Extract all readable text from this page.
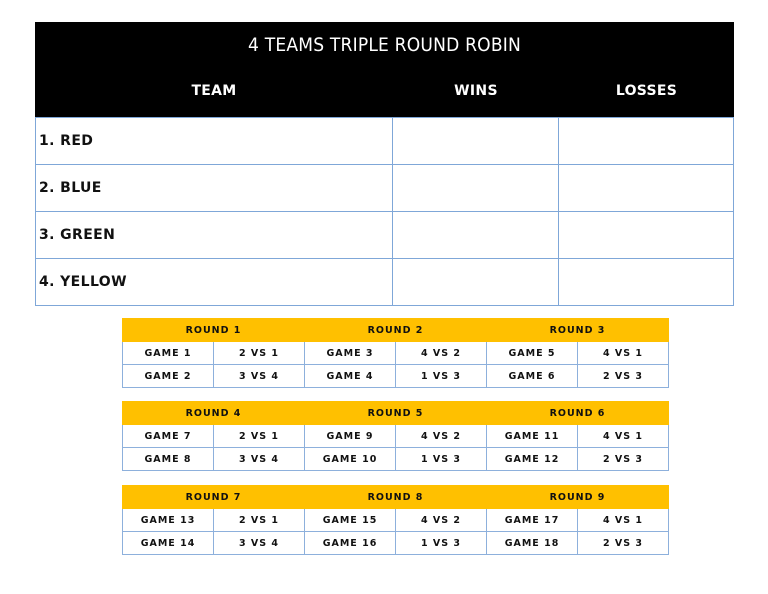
4 TEAMS TRIPLE ROUND ROBIN
TEAM	WINS	LOSSES
1. RED
2. BLUE
3. GREEN
4. YELLOW
ROUND 1		ROUND 2		ROUND 3	
GAME 1	2 VS 1	GAME 3	4 VS 2	GAME 5	4 VS 1
GAME 2	3 VS 4	GAME 4	1 VS 3	GAME 6	2 VS 3
ROUND 4		ROUND 5		ROUND 6	
GAME 7	2 VS 1	GAME 9	4 VS 2	GAME 11	4 VS 1
GAME 8	3 VS 4	GAME 10	1 VS 3	GAME 12	2 VS 3
ROUND 7		ROUND 8		ROUND 9	
GAME 13	2 VS 1	GAME 15	4 VS 2	GAME 17	4 VS 1
GAME 14	3 VS 4	GAME 16	1 VS 3	GAME 18	2 VS 3
